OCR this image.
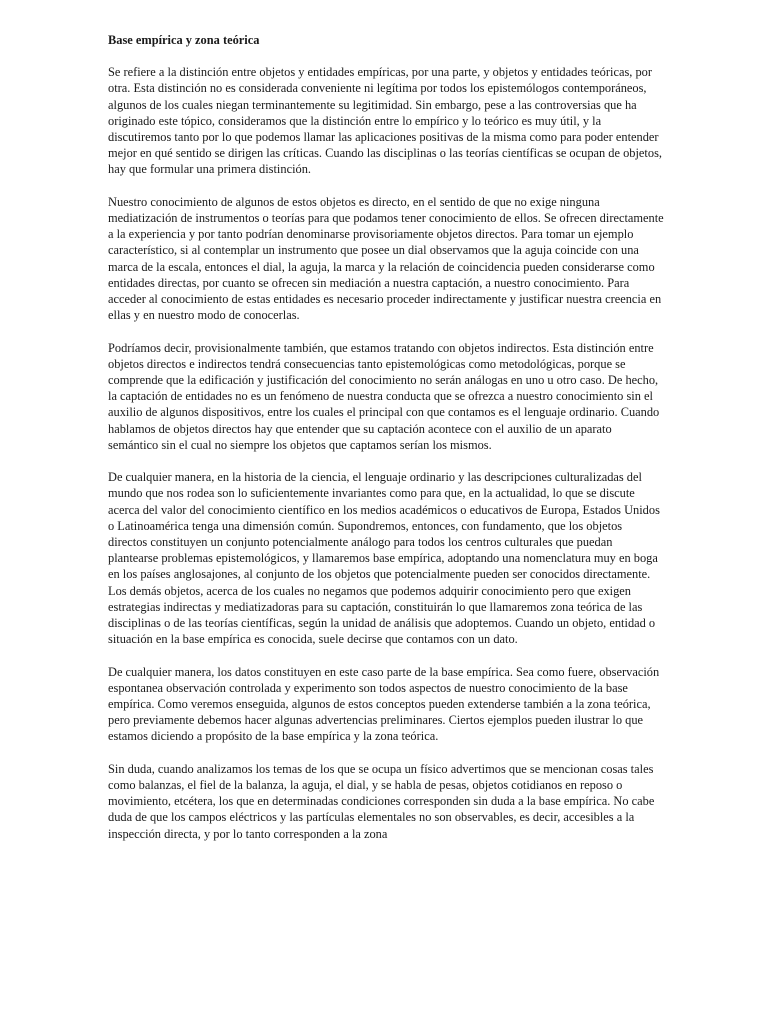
Base empírica y zona teórica

Se refiere a la distinción entre objetos y entidades empíricas, por una parte, y objetos y entidades teóricas, por otra. Esta distinción no es considerada conveniente ni legítima por todos los epistemólogos contemporáneos, algunos de los cuales niegan terminantemente su legitimidad. Sin embargo, pese a las controversias que ha originado este tópico, consideramos que la distinción entre lo empírico y lo teórico es muy útil, y la discutiremos tanto por lo que podemos llamar las aplicaciones positivas de la misma como para poder entender mejor en qué sentido se dirigen las críticas. Cuando las disciplinas o las teorías científicas se ocupan de objetos, hay que formular una primera distinción.

Nuestro conocimiento de algunos de estos objetos es directo, en el sentido de que no exige ninguna mediatización de instrumentos o teorías para que podamos tener conocimiento de ellos. Se ofrecen directamente a la experiencia y por tanto podrían denominarse provisoriamente objetos directos. Para tomar un ejemplo característico, si al contemplar un instrumento que posee un dial observamos que la aguja coincide con una marca de la escala, entonces el dial, la aguja, la marca y la relación de coincidencia pueden considerarse como entidades directas, por cuanto se ofrecen sin mediación a nuestra captación, a nuestro conocimiento. Para acceder al conocimiento de estas entidades es necesario proceder indirectamente y justificar nuestra creencia en ellas y en nuestro modo de conocerlas.

Podríamos decir, provisionalmente también, que estamos tratando con objetos indirectos. Esta distinción entre objetos directos e indirectos tendrá consecuencias tanto epistemológicas como metodológicas, porque se comprende que la edificación y justificación del conocimiento no serán análogas en uno u otro caso. De hecho, la captación de entidades no es un fenómeno de nuestra conducta que se ofrezca a nuestro conocimiento sin el auxilio de algunos dispositivos, entre los cuales el principal con que contamos es el lenguaje ordinario. Cuando hablamos de objetos directos hay que entender que su captación acontece con el auxilio de un aparato semántico sin el cual no siempre los objetos que captamos serían los mismos.

De cualquier manera, en la historia de la ciencia, el lenguaje ordinario y las descripciones culturalizadas del mundo que nos rodea son lo suficientemente invariantes como para que, en la actualidad, lo que se discute acerca del valor del conocimiento científico en los medios académicos o educativos de Europa, Estados Unidos o Latinoamérica tenga una dimensión común. Supondremos, entonces, con fundamento, que los objetos directos constituyen un conjunto potencialmente análogo para todos los centros culturales que puedan plantearse problemas epistemológicos, y llamaremos base empírica, adoptando una nomenclatura muy en boga en los países anglosajones, al conjunto de los objetos que potencialmente pueden ser conocidos directamente. Los demás objetos, acerca de los cuales no negamos que podemos adquirir conocimiento pero que exigen estrategias indirectas y mediatizadoras para su captación, constituirán lo que llamaremos zona teórica de las disciplinas o de las teorías científicas, según la unidad de análisis que adoptemos. Cuando un objeto, entidad o situación en la base empírica es conocida, suele decirse que contamos con un dato.

De cualquier manera, los datos constituyen en este caso parte de la base empírica. Sea como fuere, observación espontanea observación controlada y experimento son todos aspectos de nuestro conocimiento de la base empírica. Como veremos enseguida, algunos de estos conceptos pueden extenderse también a la zona teórica, pero previamente debemos hacer algunas advertencias preliminares. Ciertos ejemplos pueden ilustrar lo que estamos diciendo a propósito de la base empírica y la zona teórica.

Sin duda, cuando analizamos los temas de los que se ocupa un físico advertimos que se mencionan cosas tales como balanzas, el fiel de la balanza, la aguja, el dial, y se habla de pesas, objetos cotidianos en reposo o movimiento, etcétera, los que en determinadas condiciones corresponden sin duda a la base empírica. No cabe duda de que los campos eléctricos y las partículas elementales no son observables, es decir, accesibles a la inspección directa, y por lo tanto corresponden a la zona
